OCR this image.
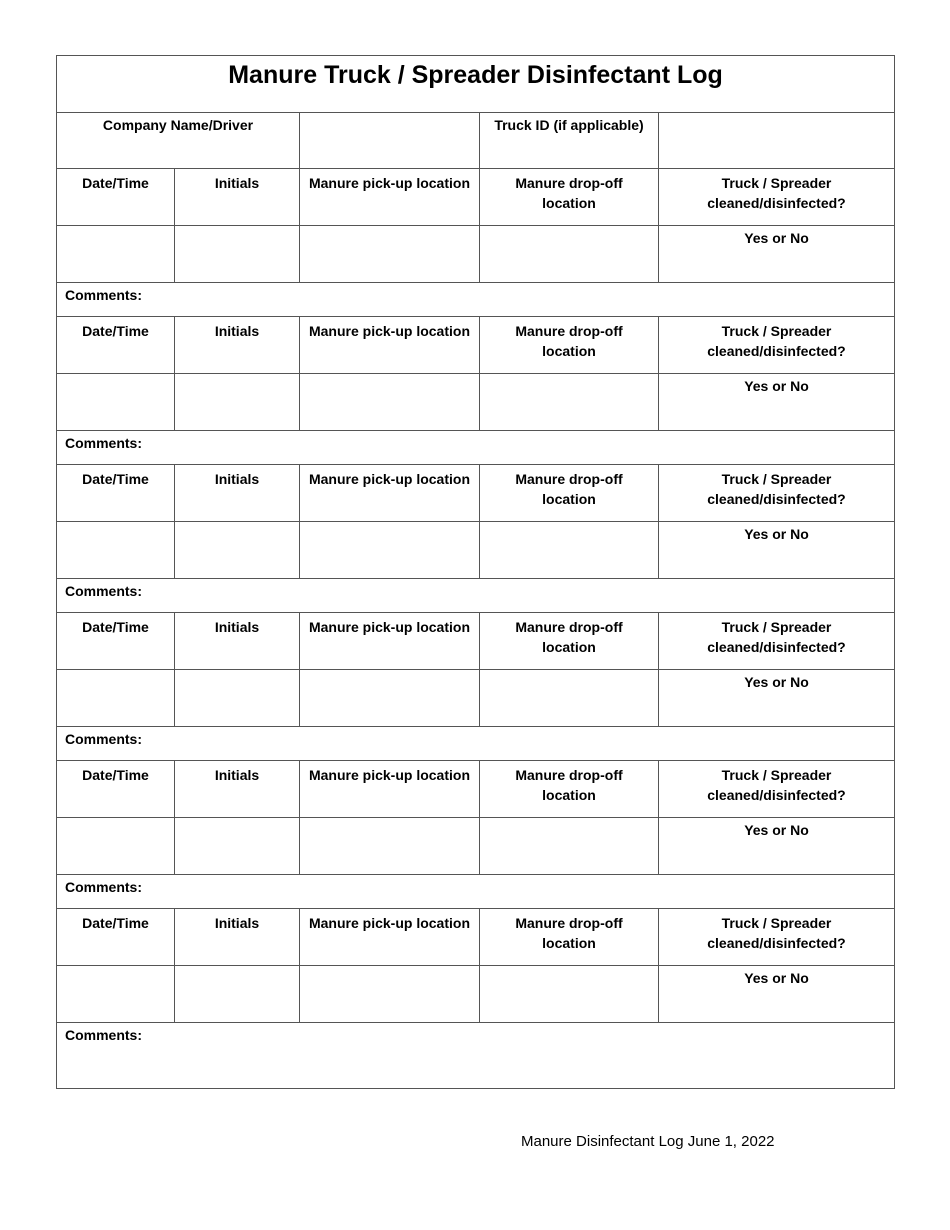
Manure Truck / Spreader Disinfectant Log
Company Name/Driver		Truck ID (if applicable)	
Date/Time	Initials	Manure pick-up location	Manure drop-off location	Truck / Spreader cleaned/disinfected?
				Yes or No
Comments:				
Date/Time	Initials	Manure pick-up location	Manure drop-off location	Truck / Spreader cleaned/disinfected?
				Yes or No
Comments:				
Date/Time	Initials	Manure pick-up location	Manure drop-off location	Truck / Spreader cleaned/disinfected?
				Yes or No
Comments:				
Date/Time	Initials	Manure pick-up location	Manure drop-off location	Truck / Spreader cleaned/disinfected?
				Yes or No
Comments:				
Date/Time	Initials	Manure pick-up location	Manure drop-off location	Truck / Spreader cleaned/disinfected?
				Yes or No
Comments:				
Date/Time	Initials	Manure pick-up location	Manure drop-off location	Truck / Spreader cleaned/disinfected?
				Yes or No
Comments:				
Manure Disinfectant Log June 1, 2022
